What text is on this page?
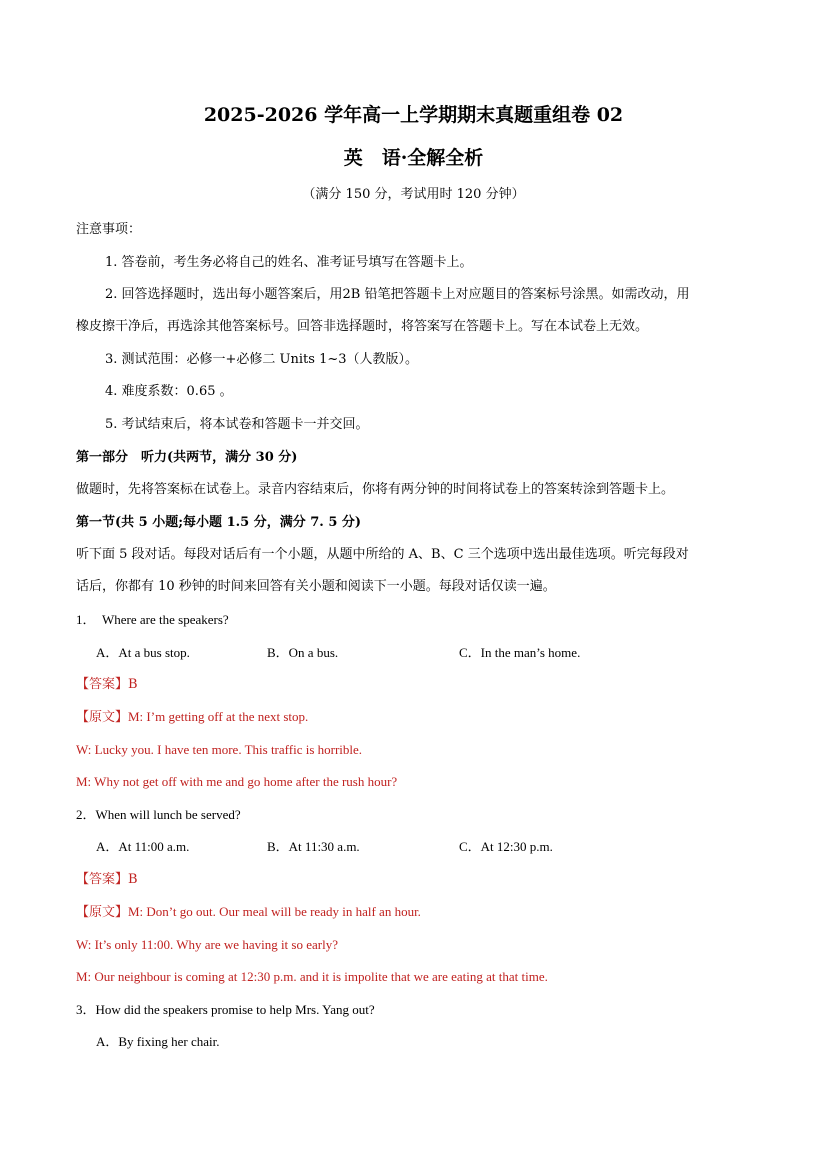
2025-2026 学年高一上学期期末真题重组卷 02
英　语·全解全析
（满分 150 分，考试用时 120 分钟）
注意事项：
1. 答卷前，考生务必将自己的姓名、准考证号填写在答题卡上。
2. 回答选择题时，选出每小题答案后，用2B 铅笔把答题卡上对应题目的答案标号涂黑。如需改动，用
橡皮擦干净后，再选涂其他答案标号。回答非选择题时，将答案写在答题卡上。写在本试卷上无效。
3. 测试范围：必修一+必修二 Units 1~3（人教版）。
4. 难度系数：0.65 。
5. 考试结束后，将本试卷和答题卡一并交回。
第一部分　听力(共两节，满分 30 分)
做题时，先将答案标在试卷上。录音内容结束后，你将有两分钟的时间将试卷上的答案转涂到答题卡上。
第一节(共 5 小题;每小题 1.5 分，满分 7. 5 分)
听下面 5 段对话。每段对话后有一个小题，从题中所给的 A、B、C 三个选项中选出最佳选项。听完每段对
话后，你都有 10 秒钟的时间来回答有关小题和阅读下一小题。每段对话仅读一遍。
1．　Where are the speakers?
A．At a bus stop.	B．On a bus.	C．In the man’s home.
【答案】B
【原文】M: I’m getting off at the next stop.
W: Lucky you. I have ten more. This traffic is horrible.
M: Why not get off with me and go home after the rush hour?
2．When will lunch be served?
A．At 11:00 a.m.	B．At 11:30 a.m.	C．At 12:30 p.m.
【答案】B
【原文】M: Don’t go out. Our meal will be ready in half an hour.
W: It’s only 11:00. Why are we having it so early?
M: Our neighbour is coming at 12:30 p.m. and it is impolite that we are eating at that time.
3．How did the speakers promise to help Mrs. Yang out?
A．By fixing her chair.
